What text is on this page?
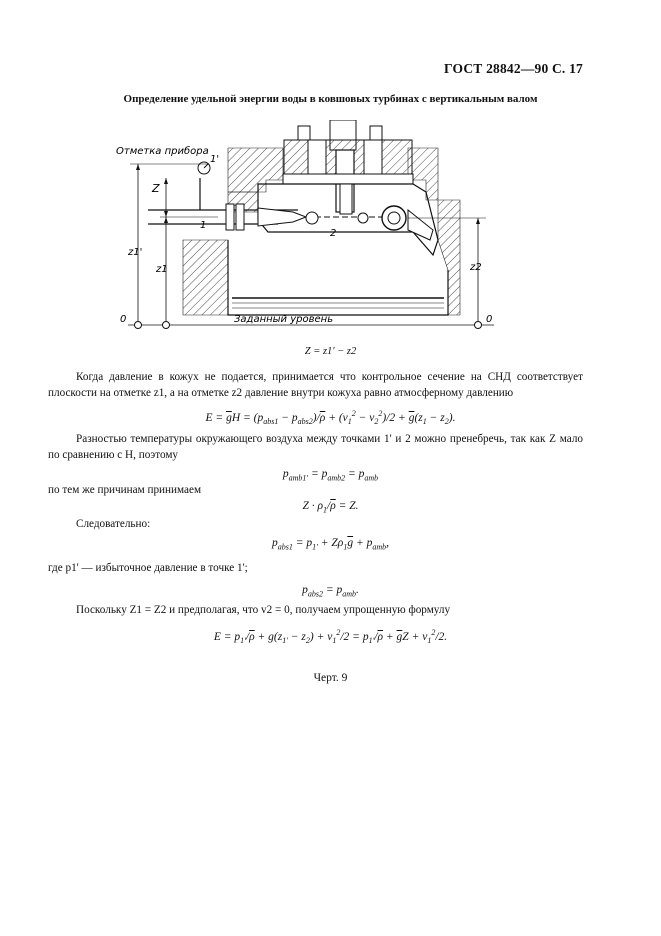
ГОСТ 28842—90 С. 17
Определение удельной энергии воды в ковшовых турбинах с вертикальным валом
Отметка прибора
Заданный уровень
Z
z1'
z1	z2
1'
1
2
0	0
Z = z1' − z2
Когда давление в кожух не подается, принимается что контрольное сечение на СНД соответствует плоскости на отметке z1, а на отметке z2 давление внутри кожуха равно атмосферному давлению
$E = \overline{g}H = (p_{abs1} - p_{abs2})/\overline{\rho} + (v_1^2 - v_2^2)/2 + \overline{g}(z_1 - z_2)$.
Разностью температуры окружающего воздуха между точками 1' и 2 можно пренебречь, так как Z мало по сравнению с H, поэтому
$p_{amb1'} = p_{amb2} = p_{amb}$
по тем же причинам принимаем
$Z \cdot \rho_1/\overline{\rho} = Z$.
Следовательно:
$p_{abs1} = p_{1'} + Z\rho_1\overline{g} + p_{amb}$,
где p1' — избыточное давление в точке 1';
$p_{abs2} = p_{amb}$.
Поскольку Z1 = Z2 и предполагая, что v2 = 0, получаем упрощенную формулу
$E = p_{1'}/\overline{\rho} + g(z_{1'} - z_2) + v_1^2/2 = p_{1'}/\overline{\rho} + \overline{g}Z + v_1^2/2$.
Черт. 9
